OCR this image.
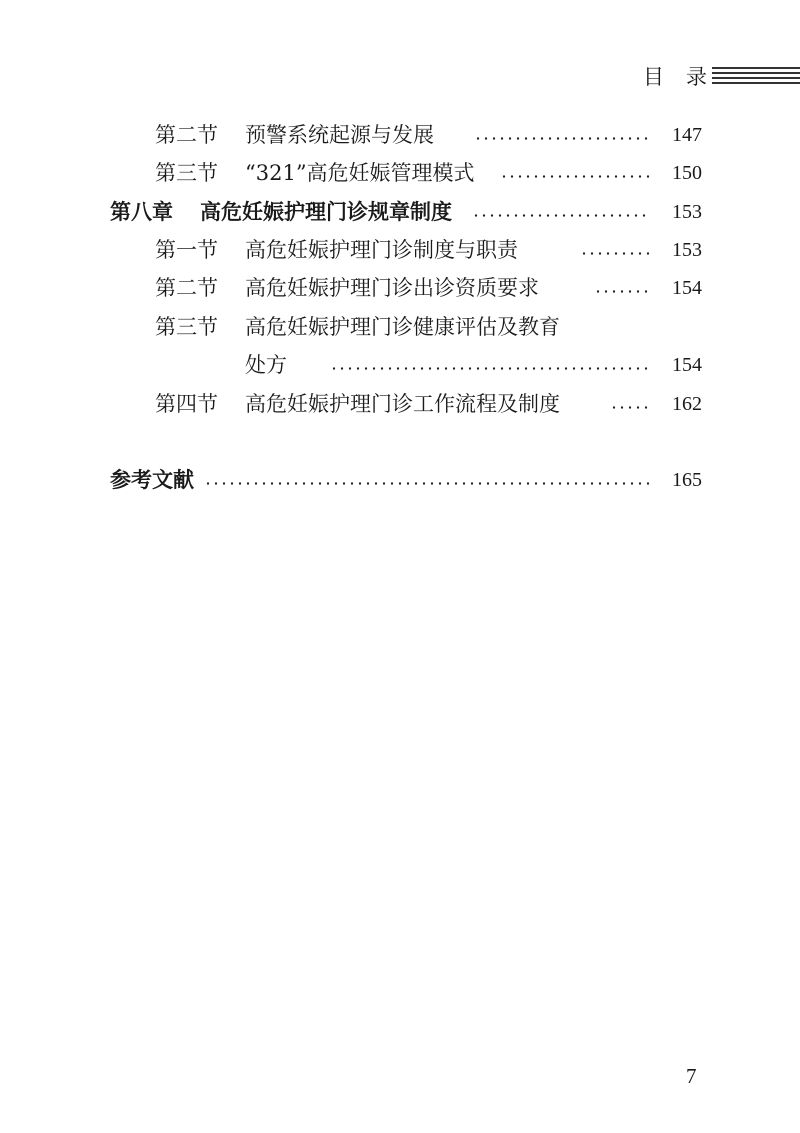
目 录
第二节 预警系统起源与发展	147
第三节 “321”高危妊娠管理模式	150
第八章 高危妊娠护理门诊规章制度	153
第一节 高危妊娠护理门诊制度与职责	153
第二节 高危妊娠护理门诊出诊资质要求	154
第三节 高危妊娠护理门诊健康评估及教育
处方	154
第四节 高危妊娠护理门诊工作流程及制度	162
参考文献	165
7
